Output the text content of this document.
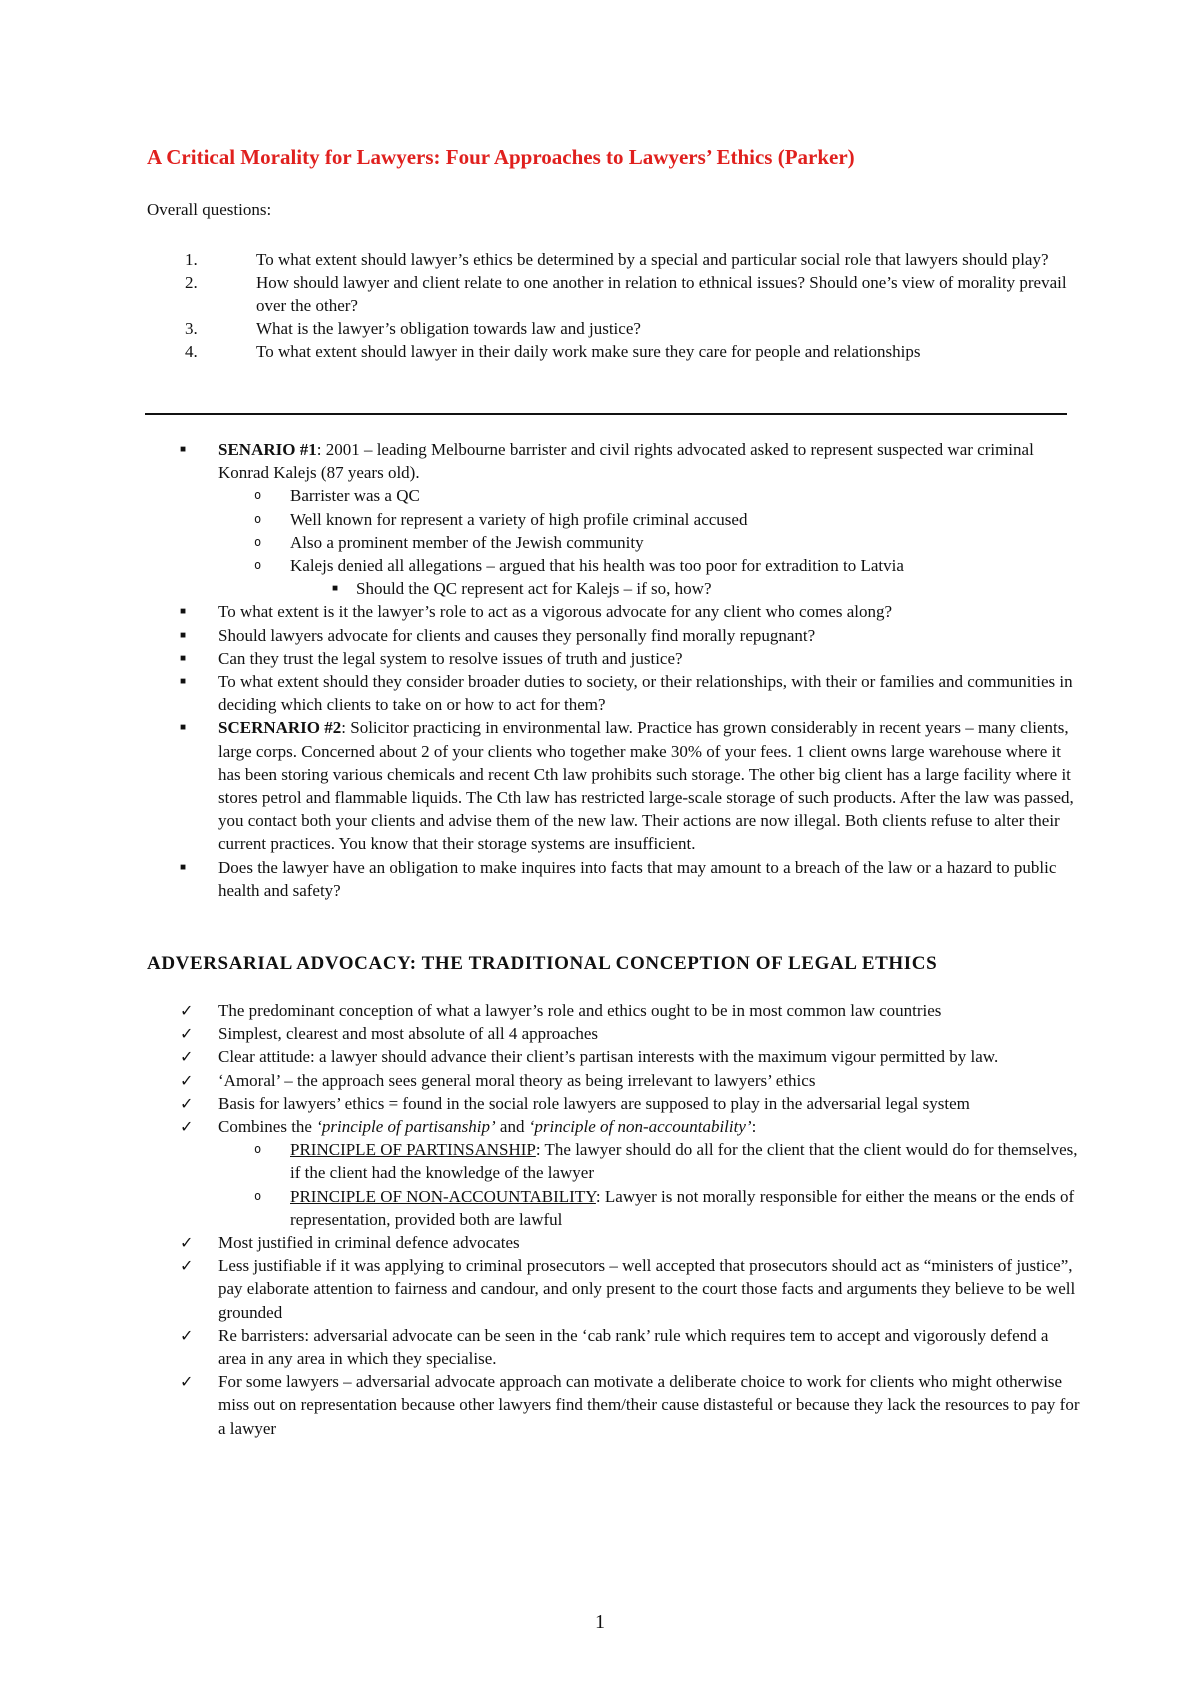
A Critical Morality for Lawyers: Four Approaches to Lawyers’ Ethics (Parker)
Overall questions:
1.	To what extent should lawyer’s ethics be determined by a special and particular social role that lawyers should play?
2.	How should lawyer and client relate to one another in relation to ethnical issues? Should one’s view of morality prevail over the other?
3.	What is the lawyer’s obligation towards law and justice?
4.	To what extent should lawyer in their daily work make sure they care for people and relationships
■	SENARIO #1: 2001 – leading Melbourne barrister and civil rights advocated asked to represent suspected war criminal Konrad Kalejs (87 years old).
o	Barrister was a QC
o	Well known for represent a variety of high profile criminal accused
o	Also a prominent member of the Jewish community
o	Kalejs denied all allegations – argued that his health was too poor for extradition to Latvia
■	Should the QC represent act for Kalejs – if so, how?
■	To what extent is it the lawyer’s role to act as a vigorous advocate for any client who comes along?
■	Should lawyers advocate for clients and causes they personally find morally repugnant?
■	Can they trust the legal system to resolve issues of truth and justice?
■	To what extent should they consider broader duties to society, or their relationships, with their or families and communities in deciding which clients to take on or how to act for them?
■	SCERNARIO #2: Solicitor practicing in environmental law. Practice has grown considerably in recent years – many clients, large corps. Concerned about 2 of your clients who together make 30% of your fees. 1 client owns large warehouse where it has been storing various chemicals and recent Cth law prohibits such storage. The other big client has a large facility where it stores petrol and flammable liquids. The Cth law has restricted large-scale storage of such products. After the law was passed, you contact both your clients and advise them of the new law. Their actions are now illegal. Both clients refuse to alter their current practices. You know that their storage systems are insufficient.
■	Does the lawyer have an obligation to make inquires into facts that may amount to a breach of the law or a hazard to public health and safety?
ADVERSARIAL ADVOCACY: THE TRADITIONAL CONCEPTION OF LEGAL ETHICS
✓	The predominant conception of what a lawyer’s role and ethics ought to be in most common law countries
✓	Simplest, clearest and most absolute of all 4 approaches
✓	Clear attitude: a lawyer should advance their client’s partisan interests with the maximum vigour permitted by law.
✓	‘Amoral’ – the approach sees general moral theory as being irrelevant to lawyers’ ethics
✓	Basis for lawyers’ ethics = found in the social role lawyers are supposed to play in the adversarial legal system
✓	Combines the ‘principle of partisanship’ and ‘principle of non-accountability’:
o	PRINCIPLE OF PARTINSANSHIP: The lawyer should do all for the client that the client would do for themselves, if the client had the knowledge of the lawyer
o	PRINCIPLE OF NON-ACCOUNTABILITY: Lawyer is not morally responsible for either the means or the ends of representation, provided both are lawful
✓	Most justified in criminal defence advocates
✓	Less justifiable if it was applying to criminal prosecutors – well accepted that prosecutors should act as “ministers of justice”, pay elaborate attention to fairness and candour, and only present to the court those facts and arguments they believe to be well grounded
✓	Re barristers: adversarial advocate can be seen in the ‘cab rank’ rule which requires tem to accept and vigorously defend a area in any area in which they specialise.
✓	For some lawyers – adversarial advocate approach can motivate a deliberate choice to work for clients who might otherwise miss out on representation because other lawyers find them/their cause distasteful or because they lack the resources to pay for a lawyer
1
